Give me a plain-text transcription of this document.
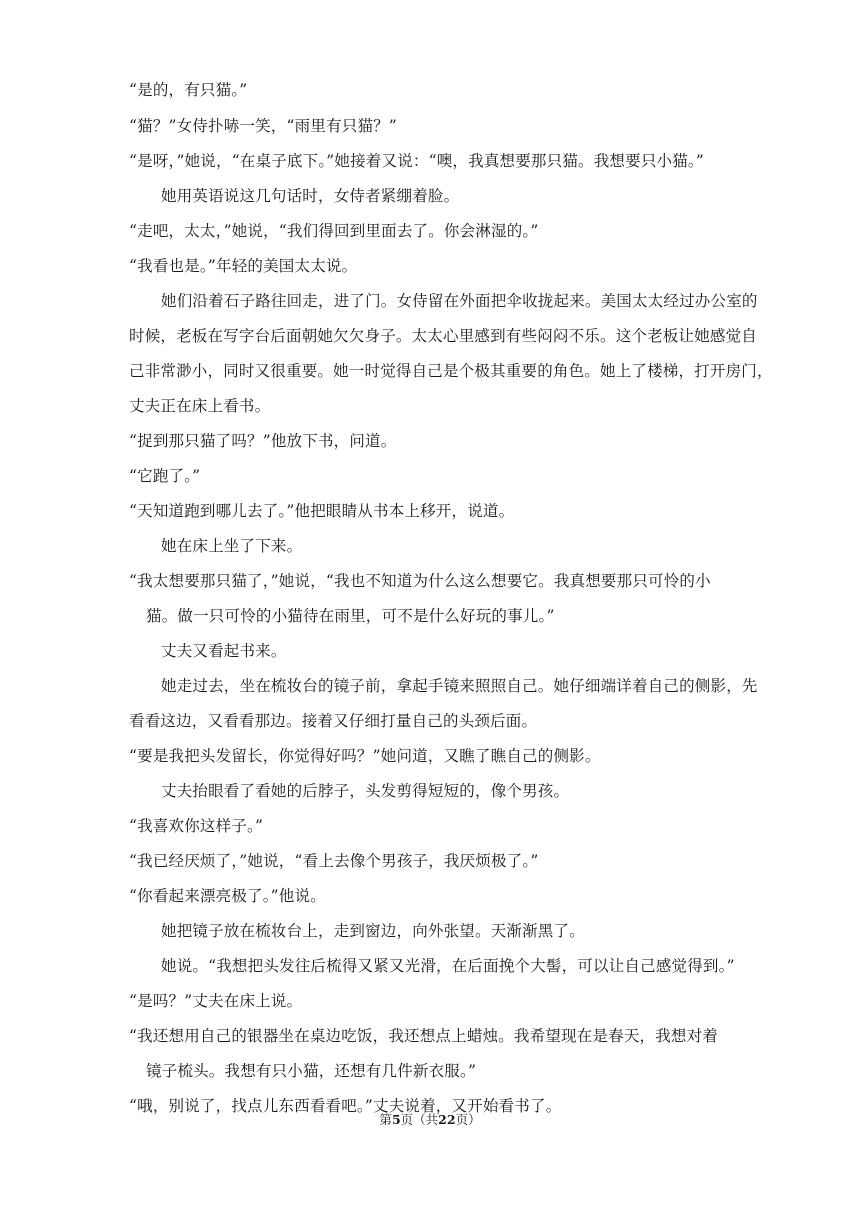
“是的，有只猫。”
“猫？”女侍扑哧一笑，“雨里有只猫？”
“是呀，”她说，“在桌子底下。”她接着又说：“噢，我真想要那只猫。我想要只小猫。”
她用英语说这几句话时，女侍者紧绷着脸。
“走吧，太太，”她说，“我们得回到里面去了。你会淋湿的。”
“我看也是。”年轻的美国太太说。
她们沿着石子路往回走，进了门。女侍留在外面把伞收拢起来。美国太太经过办公室的
时候，老板在写字台后面朝她欠欠身子。太太心里感到有些闷闷不乐。这个老板让她感觉自
己非常渺小，同时又很重要。她一时觉得自己是个极其重要的角色。她上了楼梯，打开房门，
丈夫正在床上看书。
“捉到那只猫了吗？”他放下书，问道。
“它跑了。”
“天知道跑到哪儿去了。”他把眼睛从书本上移开，说道。
她在床上坐了下来。
“我太想要那只猫了，”她说，“我也不知道为什么这么想要它。我真想要那只可怜的小
猫。做一只可怜的小猫待在雨里，可不是什么好玩的事儿。”
丈夫又看起书来。
她走过去，坐在梳妆台的镜子前，拿起手镜来照照自己。她仔细端详着自己的侧影，先
看看这边，又看看那边。接着又仔细打量自己的头颈后面。
“要是我把头发留长，你觉得好吗？”她问道，又瞧了瞧自己的侧影。
丈夫抬眼看了看她的后脖子，头发剪得短短的，像个男孩。
“我喜欢你这样子。”
“我已经厌烦了，”她说，“看上去像个男孩子，我厌烦极了。”
“你看起来漂亮极了。”他说。
她把镜子放在梳妆台上，走到窗边，向外张望。天渐渐黑了。
她说。“我想把头发往后梳得又紧又光滑，在后面挽个大髻，可以让自己感觉得到。”
“是吗？”丈夫在床上说。
“我还想用自己的银器坐在桌边吃饭，我还想点上蜡烛。我希望现在是春天，我想对着
镜子梳头。我想有只小猫，还想有几件新衣服。”
“哦，别说了，找点儿东西看看吧。”丈夫说着，又开始看书了。
第5页（共22页）
